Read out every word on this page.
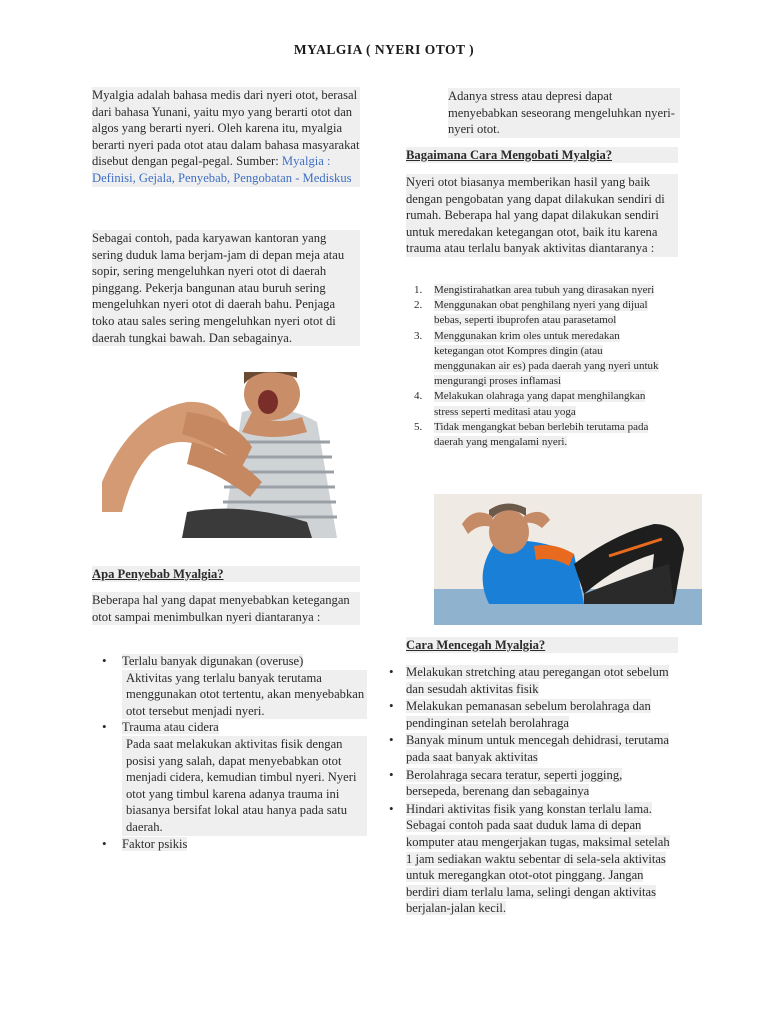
MYALGIA ( NYERI OTOT )

Myalgia adalah bahasa medis dari nyeri otot, berasal dari bahasa Yunani, yaitu myo yang berarti otot dan algos yang berarti nyeri. Oleh karena itu, myalgia berarti nyeri pada otot atau dalam bahasa masyarakat disebut dengan pegal-pegal. Sumber: Myalgia : Definisi, Gejala, Penyebab, Pengobatan - Mediskus

Sebagai contoh, pada karyawan kantoran yang sering duduk lama berjam-jam di depan meja atau sopir, sering mengeluhkan nyeri otot di daerah pinggang. Pekerja bangunan atau buruh sering mengeluhkan nyeri otot di daerah bahu. Penjaga toko atau sales sering mengeluhkan nyeri otot di daerah tungkai bawah. Dan sebagainya.

Apa Penyebab Myalgia?

Beberapa hal yang dapat menyebabkan ketegangan otot sampai menimbulkan nyeri diantaranya :

• Terlalu banyak digunakan (overuse)
Aktivitas yang terlalu banyak terutama menggunakan otot tertentu, akan menyebabkan otot tersebut menjadi nyeri.
• Trauma atau cidera
Pada saat melakukan aktivitas fisik dengan posisi yang salah, dapat menyebabkan otot menjadi cidera, kemudian timbul nyeri. Nyeri otot yang timbul karena adanya trauma ini biasanya bersifat lokal atau hanya pada satu daerah.
• Faktor psikis

Adanya stress atau depresi dapat menyebabkan seseorang mengeluhkan nyeri-nyeri otot.

Bagaimana Cara Mengobati Myalgia?

Nyeri otot biasanya memberikan hasil yang baik dengan pengobatan yang dapat dilakukan sendiri di rumah. Beberapa hal yang dapat dilakukan sendiri untuk meredakan ketegangan otot, baik itu karena trauma atau terlalu banyak aktivitas diantaranya :

1. Mengistirahatkan area tubuh yang dirasakan nyeri
2. Menggunakan obat penghilang nyeri yang dijual bebas, seperti ibuprofen atau parasetamol
3. Menggunakan krim oles untuk meredakan ketegangan otot Kompres dingin (atau menggunakan air es) pada daerah yang nyeri untuk mengurangi proses inflamasi
4. Melakukan olahraga yang dapat menghilangkan stress seperti meditasi atau yoga
5. Tidak mengangkat beban berlebih terutama pada daerah yang mengalami nyeri.
Cara Mencegah Myalgia?
• Melakukan stretching atau peregangan otot sebelum dan sesudah aktivitas fisik
• Melakukan pemanasan sebelum berolahraga dan pendinginan setelah berolahraga
• Banyak minum untuk mencegah dehidrasi, terutama pada saat banyak aktivitas
• Berolahraga secara teratur, seperti jogging, bersepeda, berenang dan sebagainya
• Hindari aktivitas fisik yang konstan terlalu lama. Sebagai contoh pada saat duduk lama di depan komputer atau mengerjakan tugas, maksimal setelah 1 jam sediakan waktu sebentar di sela-sela aktivitas untuk meregangkan otot-otot pinggang. Jangan berdiri diam terlalu lama, selingi dengan aktivitas berjalan-jalan kecil.
